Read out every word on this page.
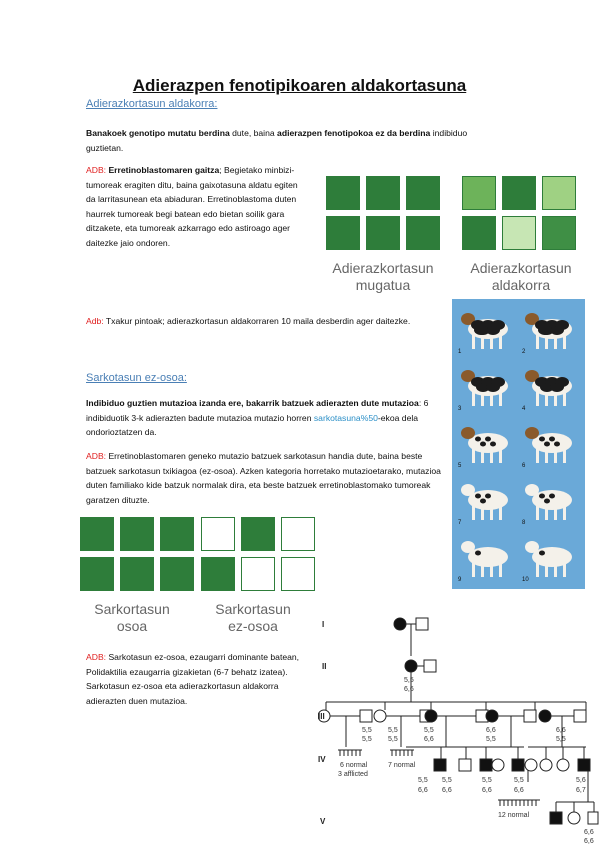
Adierazpen fenotipikoaren aldakortasuna

Adierazkortasun aldakorra:

Banakoek genotipo mutatu berdina dute, baina adierazpen fenotipokoa ez da berdina indibiduo guztietan.

ADB: Erretinoblastomaren gaitza; Begietako minbizi-tumoreak eragiten ditu, baina gaixotasuna aldatu egiten da larritasunean eta abiaduran. Erretinoblastoma duten haurrek tumoreak begi batean edo bietan soilik gara ditzakete, eta tumoreak azkarrago edo astiroago ager daitezke jaio ondoren.

Adierazkortasun
mugatua
Adierazkortasun
aldakorra

Adb: Txakur pintoak; adierazkortasun aldakorraren 10 maila desberdin ager daitezke.

1	2
3	4
5	6
7	8
9	10

Sarkotasun ez-osoa:

Indibiduo guztien mutazioa izanda ere, bakarrik batzuek adierazten dute mutazioa: 6 indibiduotik 3-k adierazten badute mutazioa mutazio horren sarkotasuna%50-ekoa dela ondorioztatzen da.

ADB: Erretinoblastomaren geneko mutazio batzuek sarkotasun handia dute, baina beste batzuek sarkotasun txikiagoa (ez-osoa). Azken kategoria horretako mutazioetarako, mutazioa duten familiako kide batzuk normalak dira, eta beste batzuek erretinoblastomako tumoreak garatzen dituzte.

Sarkortasun
osoa
Sarkortasun
ez-osoa

ADB: Sarkotasun ez-osoa, ezaugarri dominante batean, Polidaktilia ezaugarria gizakietan (6-7 behatz izatea). Sarkotasun ez-osoa eta adierazkortasun aldakorra adierazten duen mutazioa.

I
II
III
IV
V
5,5
6,6
5,5
5,5
5,5
5,5
5,5
6,6
6,6
5,5
6,6
5,5
6 normal
3 afflicted
7 normal
5,5
6,6
5,5
6,6
5,5
6,6
5,5
6,6
5,6
6,7
12 normal
6,6
6,6
